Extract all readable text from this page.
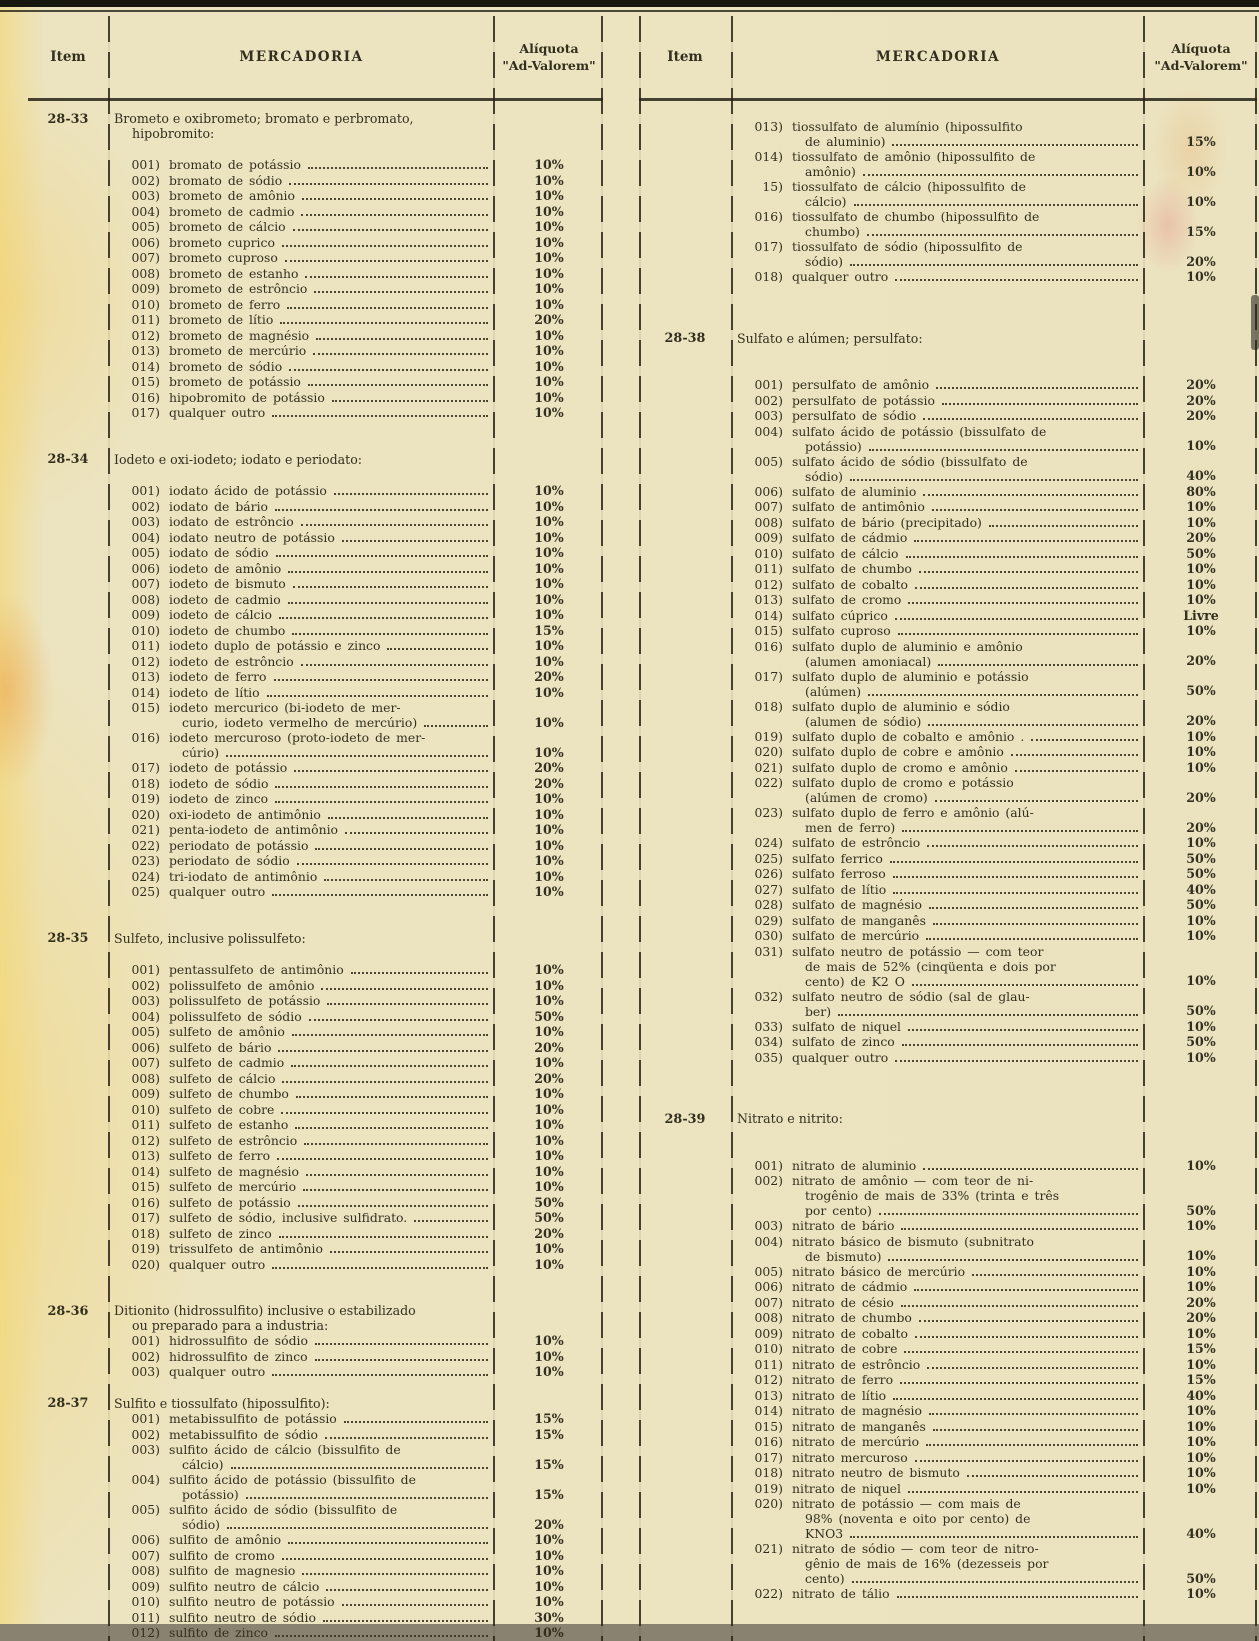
Item	MERCADORIA
Alíquota
"Ad-Valorem"
28-33	Brometo e oxibrometo; bromato e perbromato,
hipobromito:
001) bromato de potássio	10%
002) bromato de sódio	10%
003) brometo de amônio	10%
004) brometo de cadmio	10%
005) brometo de cálcio	10%
006) brometo cuprico	10%
007) brometo cuproso	10%
008) brometo de estanho	10%
009) brometo de estrôncio	10%
010) brometo de ferro	10%
011) brometo de lítio	20%
012) brometo de magnésio	10%
013) brometo de mercúrio	10%
014) brometo de sódio	10%
015) brometo de potássio	10%
016) hipobromito de potássio	10%
017) qualquer outro	10%
28-34	Iodeto e oxi-iodeto; iodato e periodato:
001) iodato ácido de potássio	10%
002) iodato de bário	10%
003) iodato de estrôncio	10%
004) iodato neutro de potássio	10%
005) iodato de sódio	10%
006) iodeto de amônio	10%
007) iodeto de bismuto	10%
008) iodeto de cadmio	10%
009) iodeto de cálcio	10%
010) iodeto de chumbo	15%
011) iodeto duplo de potássio e zinco	10%
012) iodeto de estrôncio	10%
013) iodeto de ferro	20%
014) iodeto de lítio	10%
015) iodeto mercurico (bi-iodeto de mer-
curio, iodeto vermelho de mercúrio)	10%
016) iodeto mercuroso (proto-iodeto de mer-
cúrio)	10%
017) iodeto de potássio	20%
018) iodeto de sódio	20%
019) iodeto de zinco	10%
020) oxi-iodeto de antimônio	10%
021) penta-iodeto de antimônio	10%
022) periodato de potássio	10%
023) periodato de sódio	10%
024) tri-iodato de antimônio	10%
025) qualquer outro	10%
28-35	Sulfeto, inclusive polissulfeto:
001) pentassulfeto de antimônio	10%
002) polissulfeto de amônio	10%
003) polissulfeto de potássio	10%
004) polissulfeto de sódio	50%
005) sulfeto de amônio	10%
006) sulfeto de bário	20%
007) sulfeto de cadmio	10%
008) sulfeto de cálcio	20%
009) sulfeto de chumbo	10%
010) sulfeto de cobre	10%
011) sulfeto de estanho	10%
012) sulfeto de estrôncio	10%
013) sulfeto de ferro	10%
014) sulfeto de magnésio	10%
015) sulfeto de mercúrio	10%
016) sulfeto de potássio	50%
017) sulfeto de sódio, inclusive sulfidrato.	50%
018) sulfeto de zinco	20%
019) trissulfeto de antimônio	10%
020) qualquer outro	10%
28-36	Ditionito (hidrossulfito) inclusive o estabilizado
ou preparado para a industria:
001) hidrossulfito de sódio	10%
002) hidrossulfito de zinco	10%
003) qualquer outro	10%
28-37	Sulfito e tiossulfato (hipossulfito):
001) metabissulfito de potássio	15%
002) metabissulfito de sódio	15%
003) sulfito ácido de cálcio (bissulfito de
cálcio)	15%
004) sulfito ácido de potássio (bissulfito de
potássio)	15%
005) sulfito ácido de sódio (bissulfito de
sódio)	20%
006) sulfito de amônio	10%
007) sulfito de cromo	10%
008) sulfito de magnesio	10%
009) sulfito neutro de cálcio	10%
010) sulfito neutro de potássio	10%
011) sulfito neutro de sódio	30%
012) sulfito de zinco	10%
Item	MERCADORIA
Alíquota
"Ad-Valorem"
013) tiossulfato de alumínio (hipossulfito
de aluminio)	15%
014) tiossulfato de amônio (hipossulfito de
amônio)	10%
15) tiossulfato de cálcio (hipossulfito de
cálcio)	10%
016) tiossulfato de chumbo (hipossulfito de
chumbo)	15%
017) tiossulfato de sódio (hipossulfito de
sódio)	20%
018) qualquer outro	10%
28-38	Sulfato e alúmen; persulfato:
001) persulfato de amônio	20%
002) persulfato de potássio	20%
003) persulfato de sódio	20%
004) sulfato ácido de potássio (bissulfato de
potássio)	10%
005) sulfato ácido de sódio (bissulfato de
sódio)	40%
006) sulfato de aluminio	80%
007) sulfato de antimônio	10%
008) sulfato de bário (precipitado)	10%
009) sulfato de cádmio	20%
010) sulfato de cálcio	50%
011) sulfato de chumbo	10%
012) sulfato de cobalto	10%
013) sulfato de cromo	10%
014) sulfato cúprico	Livre
015) sulfato cuproso	10%
016) sulfato duplo de aluminio e amônio
(alumen amoniacal)	20%
017) sulfato duplo de aluminio e potássio
(alúmen)	50%
018) sulfato duplo de aluminio e sódio
(alumen de sódio)	20%
019) sulfato duplo de cobalto e amônio .	10%
020) sulfato duplo de cobre e amônio	10%
021) sulfato duplo de cromo e amônio	10%
022) sulfato duplo de cromo e potássio
(alúmen de cromo)	20%
023) sulfato duplo de ferro e amônio (alú-
men de ferro)	20%
024) sulfato de estrôncio	10%
025) sulfato ferrico	50%
026) sulfato ferroso	50%
027) sulfato de lítio	40%
028) sulfato de magnésio	50%
029) sulfato de manganês	10%
030) sulfato de mercúrio	10%
031) sulfato neutro de potássio — com teor
de mais de 52% (cinqüenta e dois por
cento) de K2 O	10%
032) sulfato neutro de sódio (sal de glau-
ber)	50%
033) sulfato de niquel	10%
034) sulfato de zinco	50%
035) qualquer outro	10%
28-39	Nitrato e nitrito:
001) nitrato de aluminio	10%
002) nitrato de amônio — com teor de ni-
trogênio de mais de 33% (trinta e três
por cento)	50%
003) nitrato de bário	10%
004) nitrato básico de bismuto (subnitrato
de bismuto)	10%
005) nitrato básico de mercúrio	10%
006) nitrato de cádmio	10%
007) nitrato de césio	20%
008) nitrato de chumbo	20%
009) nitrato de cobalto	10%
010) nitrato de cobre	15%
011) nitrato de estrôncio	10%
012) nitrato de ferro	15%
013) nitrato de lítio	40%
014) nitrato de magnésio	10%
015) nitrato de manganês	10%
016) nitrato de mercúrio	10%
017) nitrato mercuroso	10%
018) nitrato neutro de bismuto	10%
019) nitrato de niquel	10%
020) nitrato de potássio — com mais de
98% (noventa e oito por cento) de
KNO3	40%
021) nitrato de sódio — com teor de nitro-
gênio de mais de 16% (dezesseis por
cento)	50%
022) nitrato de tálio	10%
